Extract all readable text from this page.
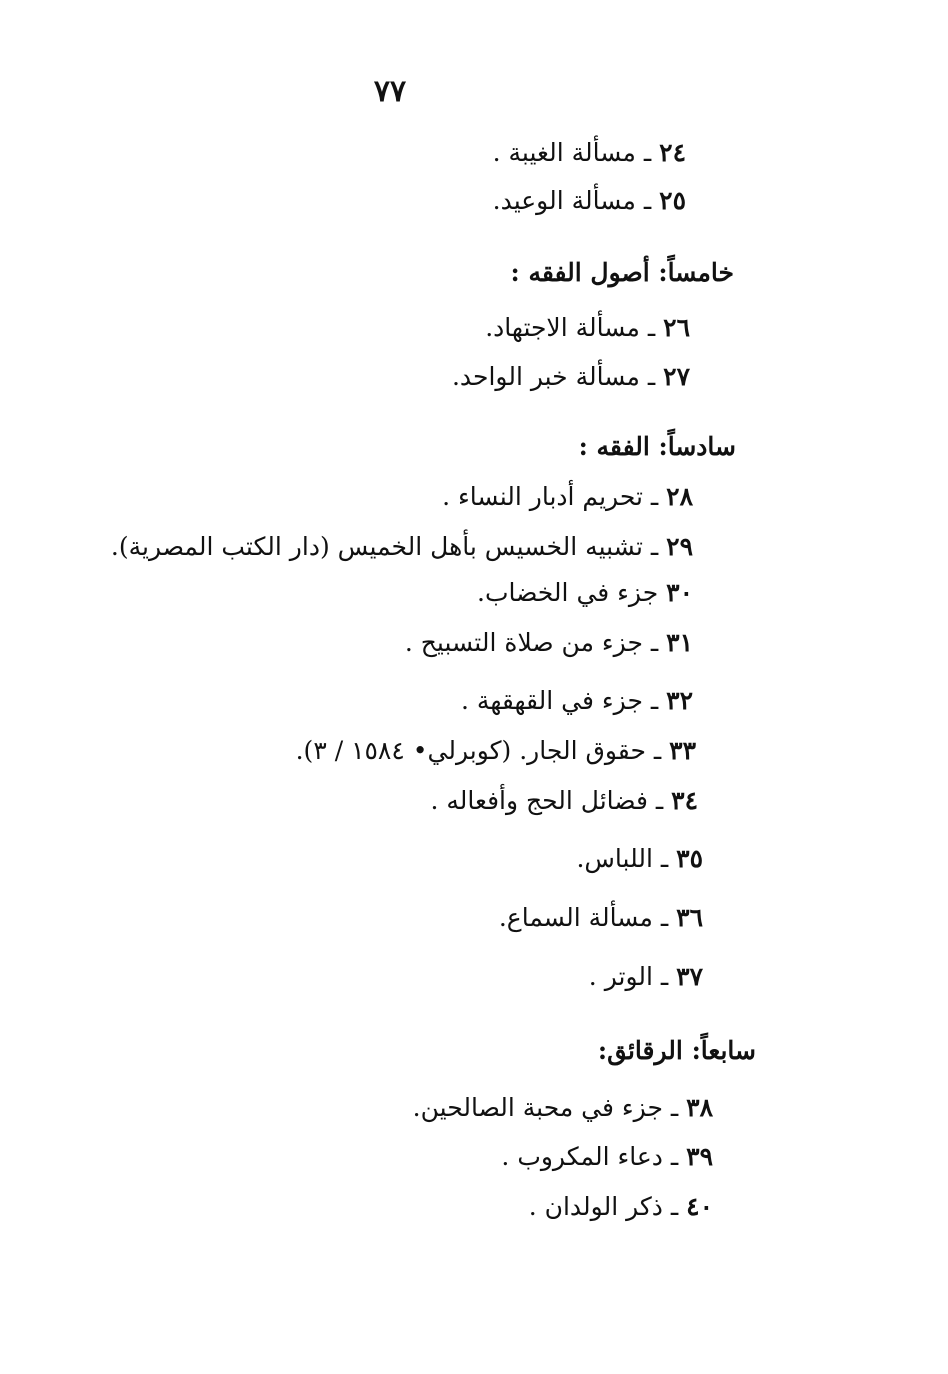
٧٧
٢٤ ـ مسألة الغيبة .
٢٥ ـ مسألة الوعيد.
خامساً: أصول الفقه :
٢٦ ـ مسألة الاجتهاد.
٢٧ ـ مسألة خبر الواحد.
سادساً: الفقه :
٢٨ ـ تحريم أدبار النساء .
٢٩ ـ تشبيه الخسيس بأهل الخميس (دار الكتب المصرية).
٣٠ جزء في الخضاب.
٣١ ـ جزء من صلاة التسبيح .
٣٢ ـ جزء في القهقهة .
٣٣ ـ حقوق الجار. (كوبرلي• ١٥٨٤ / ٣).
٣٤ ـ فضائل الحج وأفعاله .
٣٥ ـ اللباس.
٣٦ ـ مسألة السماع.
٣٧ ـ الوتر .
سابعاً: الرقائق:
٣٨ ـ جزء في محبة الصالحين.
٣٩ ـ دعاء المكروب .
٤٠ ـ ذكر الولدان .
